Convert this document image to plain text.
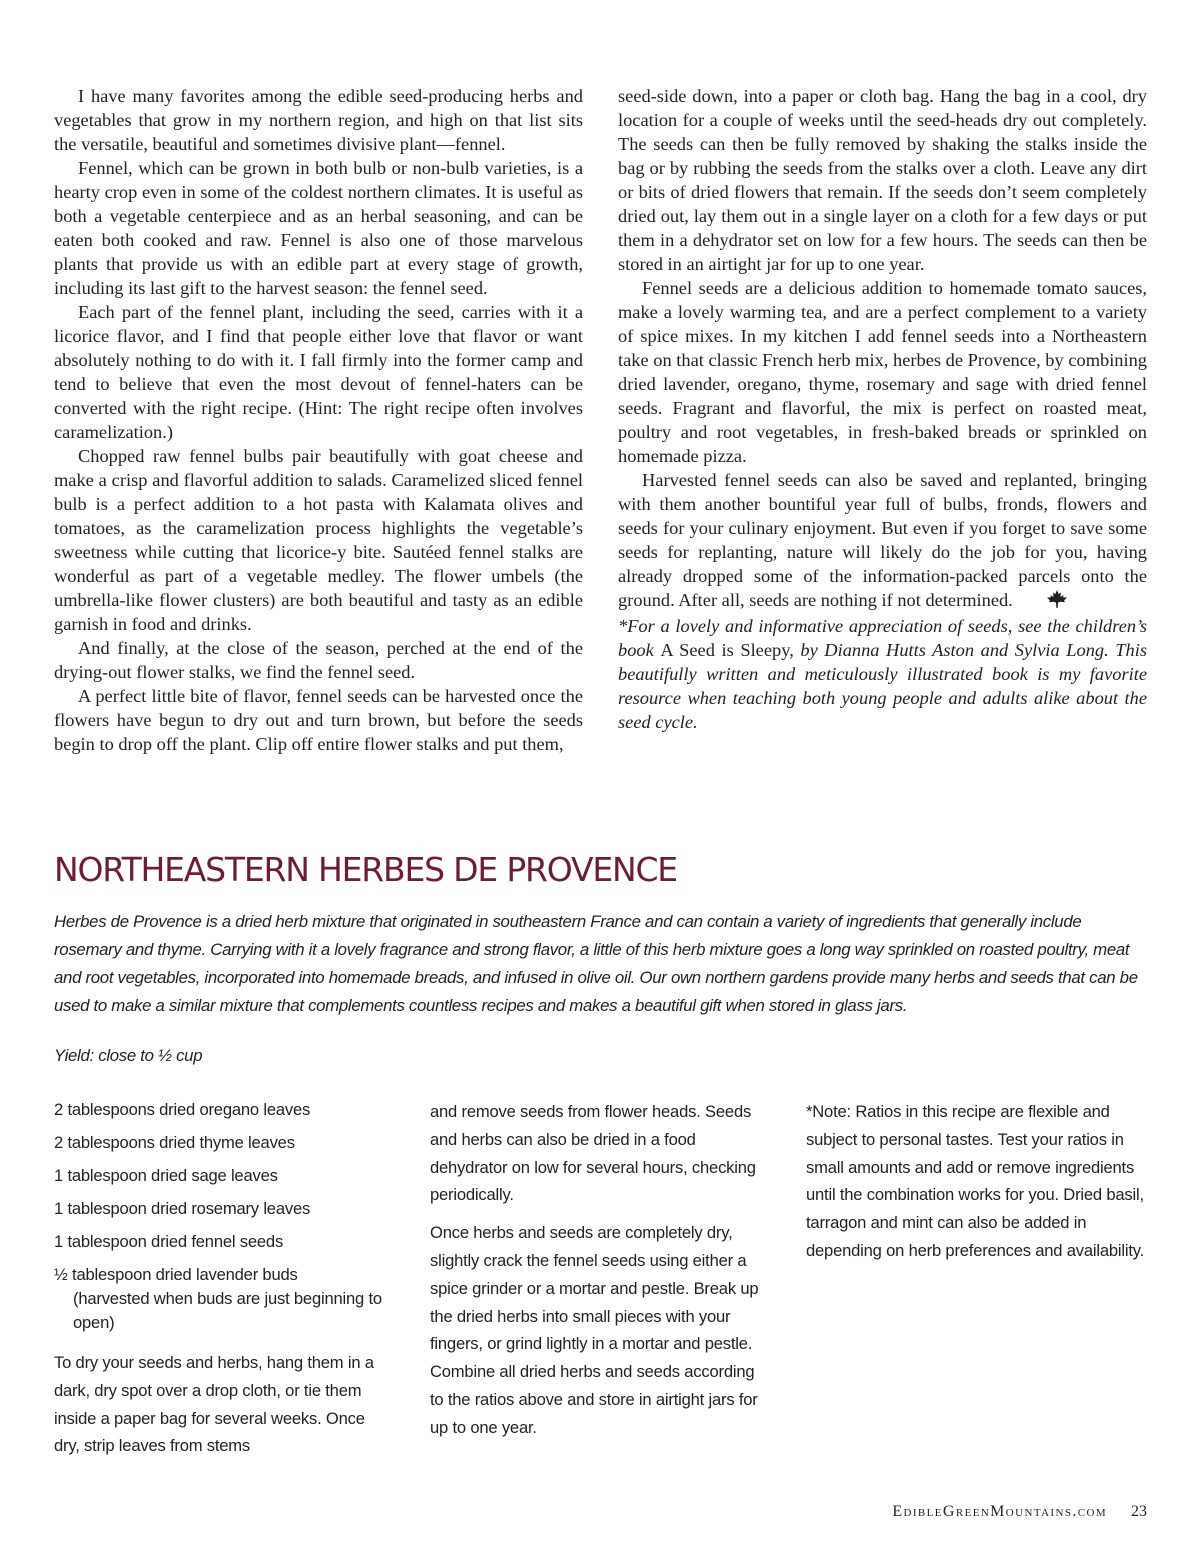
I have many favorites among the edible seed-producing herbs and vegetables that grow in my northern region, and high on that list sits the versatile, beautiful and sometimes divisive plant—fennel.

Fennel, which can be grown in both bulb or non-bulb varieties, is a hearty crop even in some of the coldest northern climates. It is useful as both a vegetable centerpiece and as an herbal seasoning, and can be eaten both cooked and raw. Fennel is also one of those marvelous plants that provide us with an edible part at every stage of growth, including its last gift to the harvest season: the fennel seed.

Each part of the fennel plant, including the seed, carries with it a licorice flavor, and I find that people either love that flavor or want absolutely nothing to do with it. I fall firmly into the former camp and tend to believe that even the most devout of fennel-haters can be converted with the right recipe. (Hint: The right recipe often involves caramelization.)

Chopped raw fennel bulbs pair beautifully with goat cheese and make a crisp and flavorful addition to salads. Caramelized sliced fennel bulb is a perfect addition to a hot pasta with Kalamata olives and tomatoes, as the caramelization process highlights the vegetable’s sweetness while cutting that licorice-y bite. Sautéed fennel stalks are wonderful as part of a vegetable medley. The flower umbels (the umbrella-like flower clusters) are both beautiful and tasty as an edible garnish in food and drinks.

And finally, at the close of the season, perched at the end of the drying-out flower stalks, we find the fennel seed.

A perfect little bite of flavor, fennel seeds can be harvested once the flowers have begun to dry out and turn brown, but before the seeds begin to drop off the plant. Clip off entire flower stalks and put them,

seed-side down, into a paper or cloth bag. Hang the bag in a cool, dry location for a couple of weeks until the seed-heads dry out completely. The seeds can then be fully removed by shaking the stalks inside the bag or by rubbing the seeds from the stalks over a cloth. Leave any dirt or bits of dried flowers that remain. If the seeds don’t seem completely dried out, lay them out in a single layer on a cloth for a few days or put them in a dehydrator set on low for a few hours. The seeds can then be stored in an airtight jar for up to one year.

Fennel seeds are a delicious addition to homemade tomato sauces, make a lovely warming tea, and are a perfect complement to a variety of spice mixes. In my kitchen I add fennel seeds into a Northeastern take on that classic French herb mix, herbes de Provence, by combining dried lavender, oregano, thyme, rosemary and sage with dried fennel seeds. Fragrant and flavorful, the mix is perfect on roasted meat, poultry and root vegetables, in fresh-baked breads or sprinkled on homemade pizza.

Harvested fennel seeds can also be saved and replanted, bringing with them another bountiful year full of bulbs, fronds, flowers and seeds for your culinary enjoyment. But even if you forget to save some seeds for replanting, nature will likely do the job for you, having already dropped some of the information-packed parcels onto the ground. After all, seeds are nothing if not determined.

*For a lovely and informative appreciation of seeds, see the children’s book A Seed is Sleepy, by Dianna Hutts Aston and Sylvia Long. This beautifully written and meticulously illustrated book is my favorite resource when teaching both young people and adults alike about the seed cycle.

NORTHEASTERN HERBES DE PROVENCE

Herbes de Provence is a dried herb mixture that originated in southeastern France and can contain a variety of ingredients that generally include rosemary and thyme. Carrying with it a lovely fragrance and strong flavor, a little of this herb mixture goes a long way sprinkled on roasted poultry, meat and root vegetables, incorporated into homemade breads, and infused in olive oil. Our own northern gardens provide many herbs and seeds that can be used to make a similar mixture that complements countless recipes and makes a beautiful gift when stored in glass jars.

Yield: close to ½ cup

2 tablespoons dried oregano leaves
2 tablespoons dried thyme leaves
1 tablespoon dried sage leaves
1 tablespoon dried rosemary leaves
1 tablespoon dried fennel seeds
½ tablespoon dried lavender buds
(harvested when buds are just beginning to open)

To dry your seeds and herbs, hang them in a dark, dry spot over a drop cloth, or tie them inside a paper bag for several weeks. Once dry, strip leaves from stems

and remove seeds from flower heads. Seeds and herbs can also be dried in a food dehydrator on low for several hours, checking periodically.

Once herbs and seeds are completely dry, slightly crack the fennel seeds using either a spice grinder or a mortar and pestle. Break up the dried herbs into small pieces with your fingers, or grind lightly in a mortar and pestle. Combine all dried herbs and seeds according to the ratios above and store in airtight jars for up to one year.

*Note: Ratios in this recipe are flexible and subject to personal tastes. Test your ratios in small amounts and add or remove ingredients until the combination works for you. Dried basil, tarragon and mint can also be added in depending on herb preferences and availability.

EdibleGreenMountains.com 23
